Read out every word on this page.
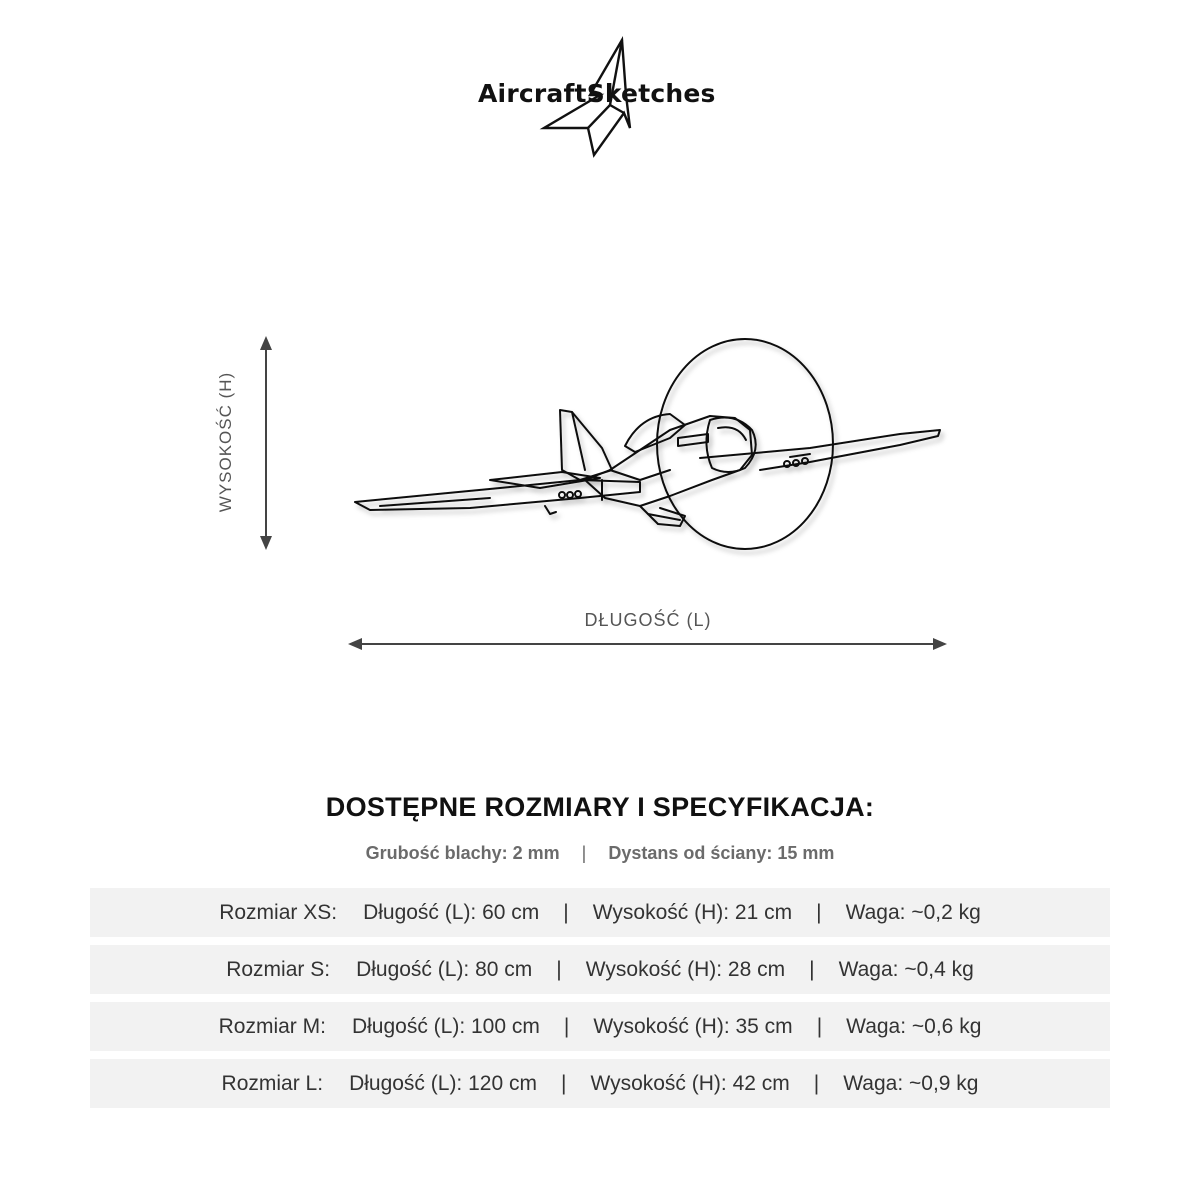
AircraftSketches
WYSOKOŚĆ (H)
DŁUGOŚĆ (L)
DOSTĘPNE ROZMIARY I SPECYFIKACJA:
Grubość blachy: 2 mm | Dystans od ściany: 15 mm
Rozmiar XS: Długość (L): 60 cm | Wysokość (H): 21 cm | Waga: ~0,2 kg
Rozmiar S: Długość (L): 80 cm | Wysokość (H): 28 cm | Waga: ~0,4 kg
Rozmiar M: Długość (L): 100 cm | Wysokość (H): 35 cm | Waga: ~0,6 kg
Rozmiar L: Długość (L): 120 cm | Wysokość (H): 42 cm | Waga: ~0,9 kg
